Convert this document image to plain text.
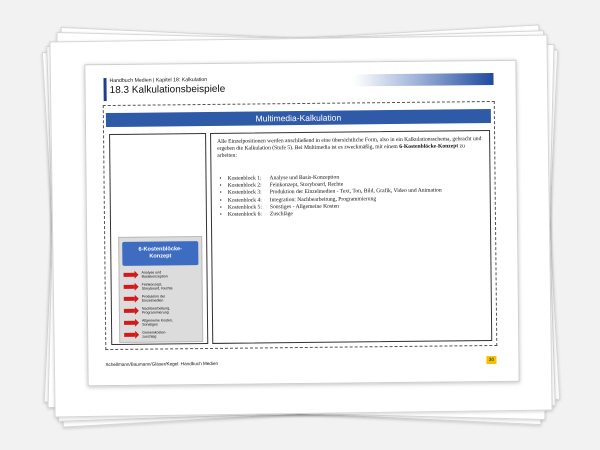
Handbuch Medien | Kapitel 18: Kalkulation
18.3 Kalkulationsbeispiele
Multimedia-Kalkulation
6-Kostenblöcke-
Konzept
Analyse und
Basiskonzeption
Feinkonzept,
Storyboard, Rechte
Produktion der
Einzelmedien
Nachbearbeitung,
Programmierung
Allgemeine Kosten,
Sonstiges
Gemeinkosten-
zuschlag
Alle Einzelpositionen werden anschließend in eine übersichtliche Form, also in ein Kalkulationsschema, gebracht und ergeben die Kalkulation (Stufe 5). Bei Multimedia ist es zweckmäßig, mit einem 6-Kostenblöcke-Konzept zu arbeiten:
• Kostenblock 1: Analyse und Basis-Konzeption
• Kostenblock 2: Feinkonzept, Storyboard, Rechte
• Kostenblock 3: Produktion der Einzelmedien - Text, Ton, Bild, Grafik, Video und Animation
• Kostenblock 4: Integration: Nachbearbeitung, Programmierung
• Kostenblock 5: Sonstiges - Allgemeine Kosten
• Kostenblock 6: Zuschläge
Schellmann/Baumann/Gläser/Kegel: Handbuch Medien
30
